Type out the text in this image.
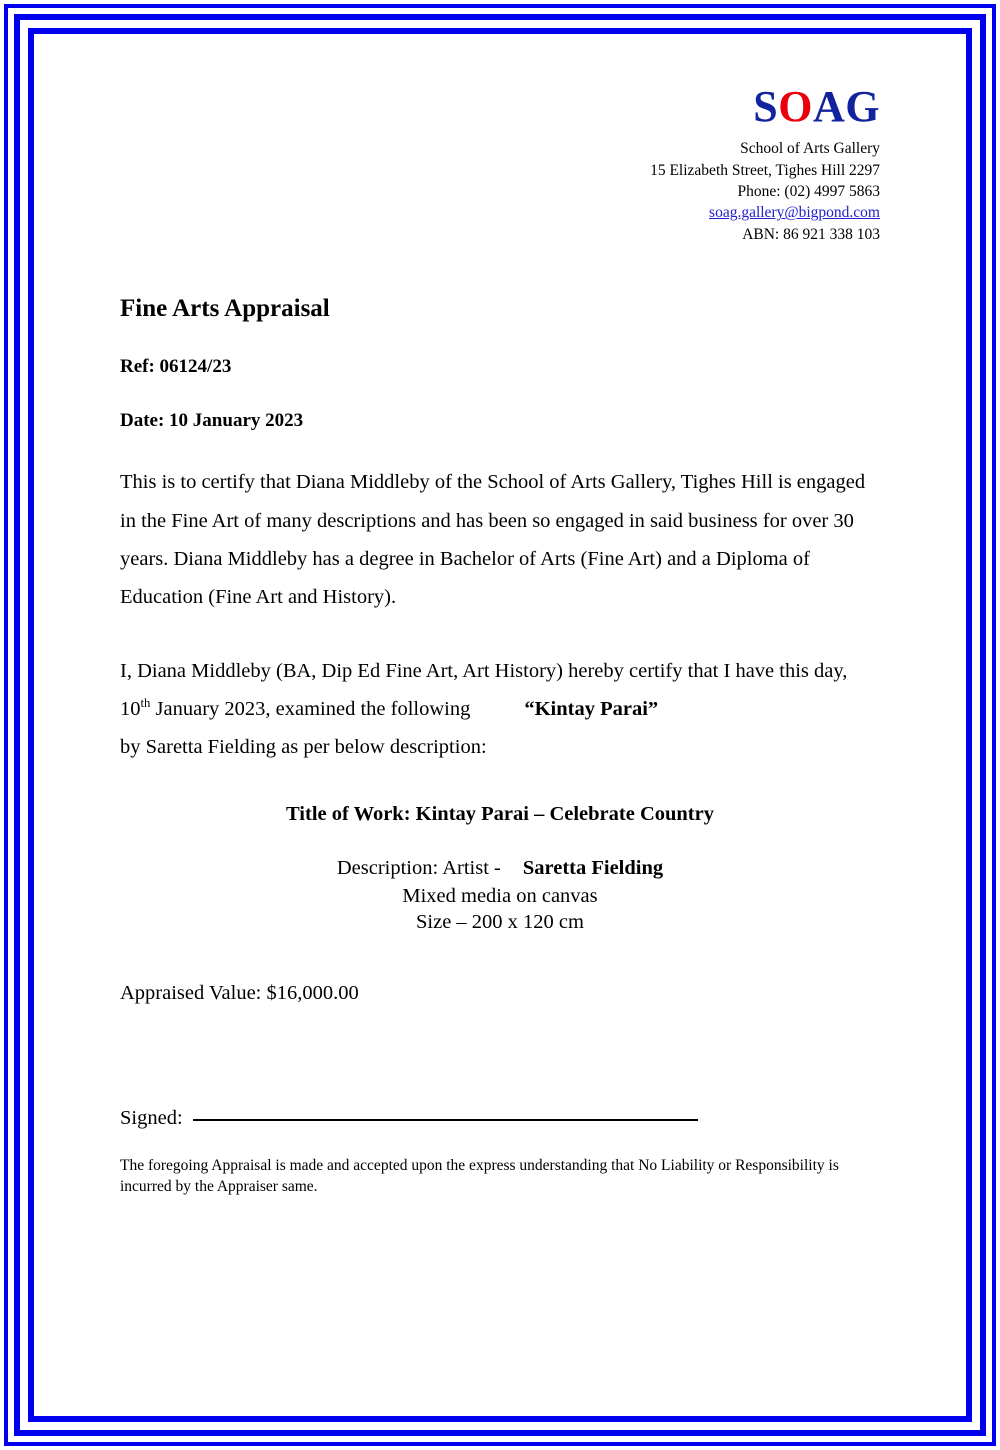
SOAG
School of Arts Gallery
15 Elizabeth Street, Tighes Hill 2297
Phone: (02) 4997 5863
soag.gallery@bigpond.com
ABN: 86 921 338 103
Fine Arts Appraisal
Ref: 06124/23
Date: 10 January 2023

This is to certify that Diana Middleby of the School of Arts Gallery, Tighes Hill is engaged in the Fine Art of many descriptions and has been so engaged in said business for over 30 years. Diana Middleby has a degree in Bachelor of Arts (Fine Art) and a Diploma of Education (Fine Art and History).

I, Diana Middleby (BA, Dip Ed Fine Art, Art History) hereby certify that I have this day, 10th January 2023, examined the following	“Kintay Parai”
by Saretta Fielding as per below description:

Title of Work: Kintay Parai – Celebrate Country
Description: Artist - Saretta Fielding
Mixed media on canvas
Size – 200 x 120 cm
Appraised Value: $16,000.00
Signed:

The foregoing Appraisal is made and accepted upon the express understanding that No Liability or Responsibility is incurred by the Appraiser same.
